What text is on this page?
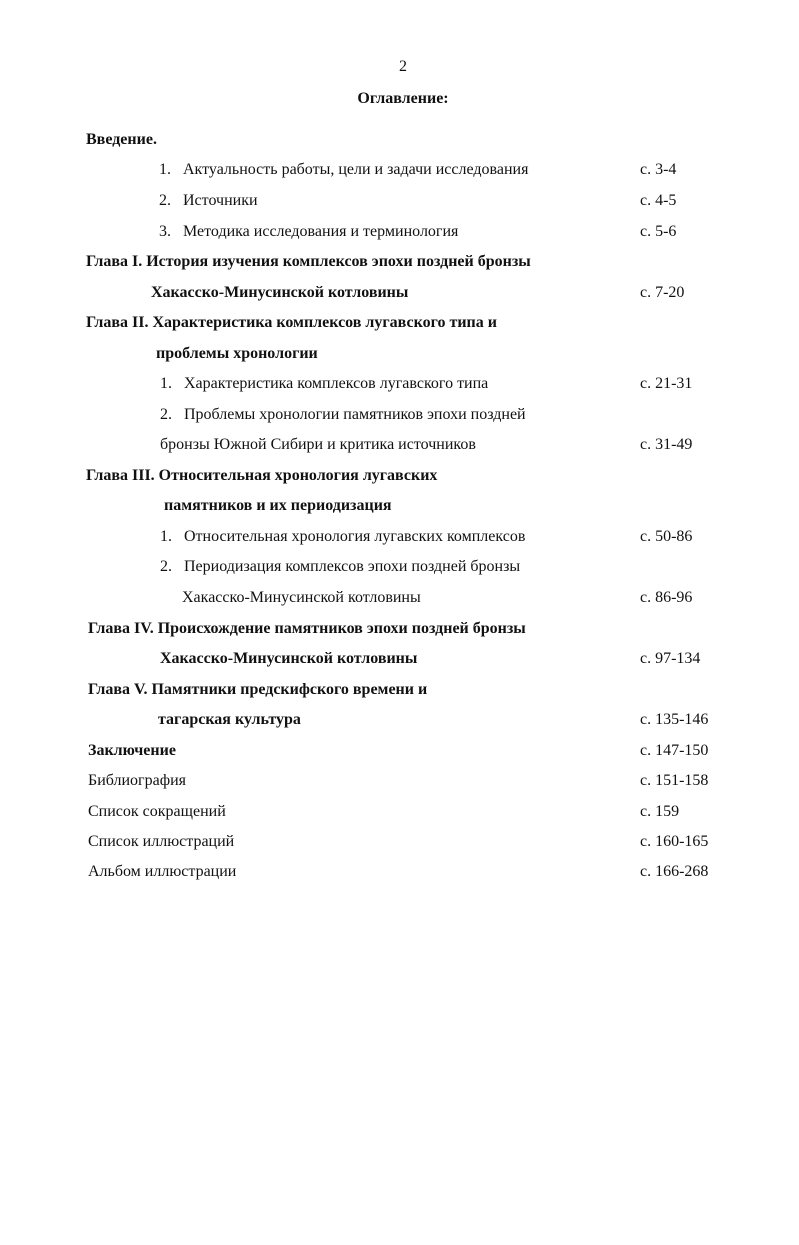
2
Оглавление:
Введение.
1. Актуальность работы, цели и задачи исследования	с. 3-4
2. Источники	с. 4-5
3. Методика исследования и терминология	с. 5-6
Глава I. История изучения комплексов эпохи поздней бронзы
Хакасско-Минусинской котловины	с. 7-20
Глава II. Характеристика комплексов лугавского типа и
проблемы хронологии
1. Характеристика комплексов лугавского типа	с. 21-31
2. Проблемы хронологии памятников эпохи поздней
бронзы Южной Сибири и критика источников	с. 31-49
Глава III. Относительная хронология лугавских
памятников и их периодизация
1. Относительная хронология лугавских комплексов	с. 50-86
2. Периодизация комплексов эпохи поздней бронзы
Хакасско-Минусинской котловины	с. 86-96
Глава IV. Происхождение памятников эпохи поздней бронзы
Хакасско-Минусинской котловины	с. 97-134
Глава V. Памятники предскифского времени и
тагарская культура	с. 135-146
Заключение	с. 147-150
Библиография	с. 151-158
Список сокращений	с. 159
Список иллюстраций	с. 160-165
Альбом иллюстрации	с. 166-268
